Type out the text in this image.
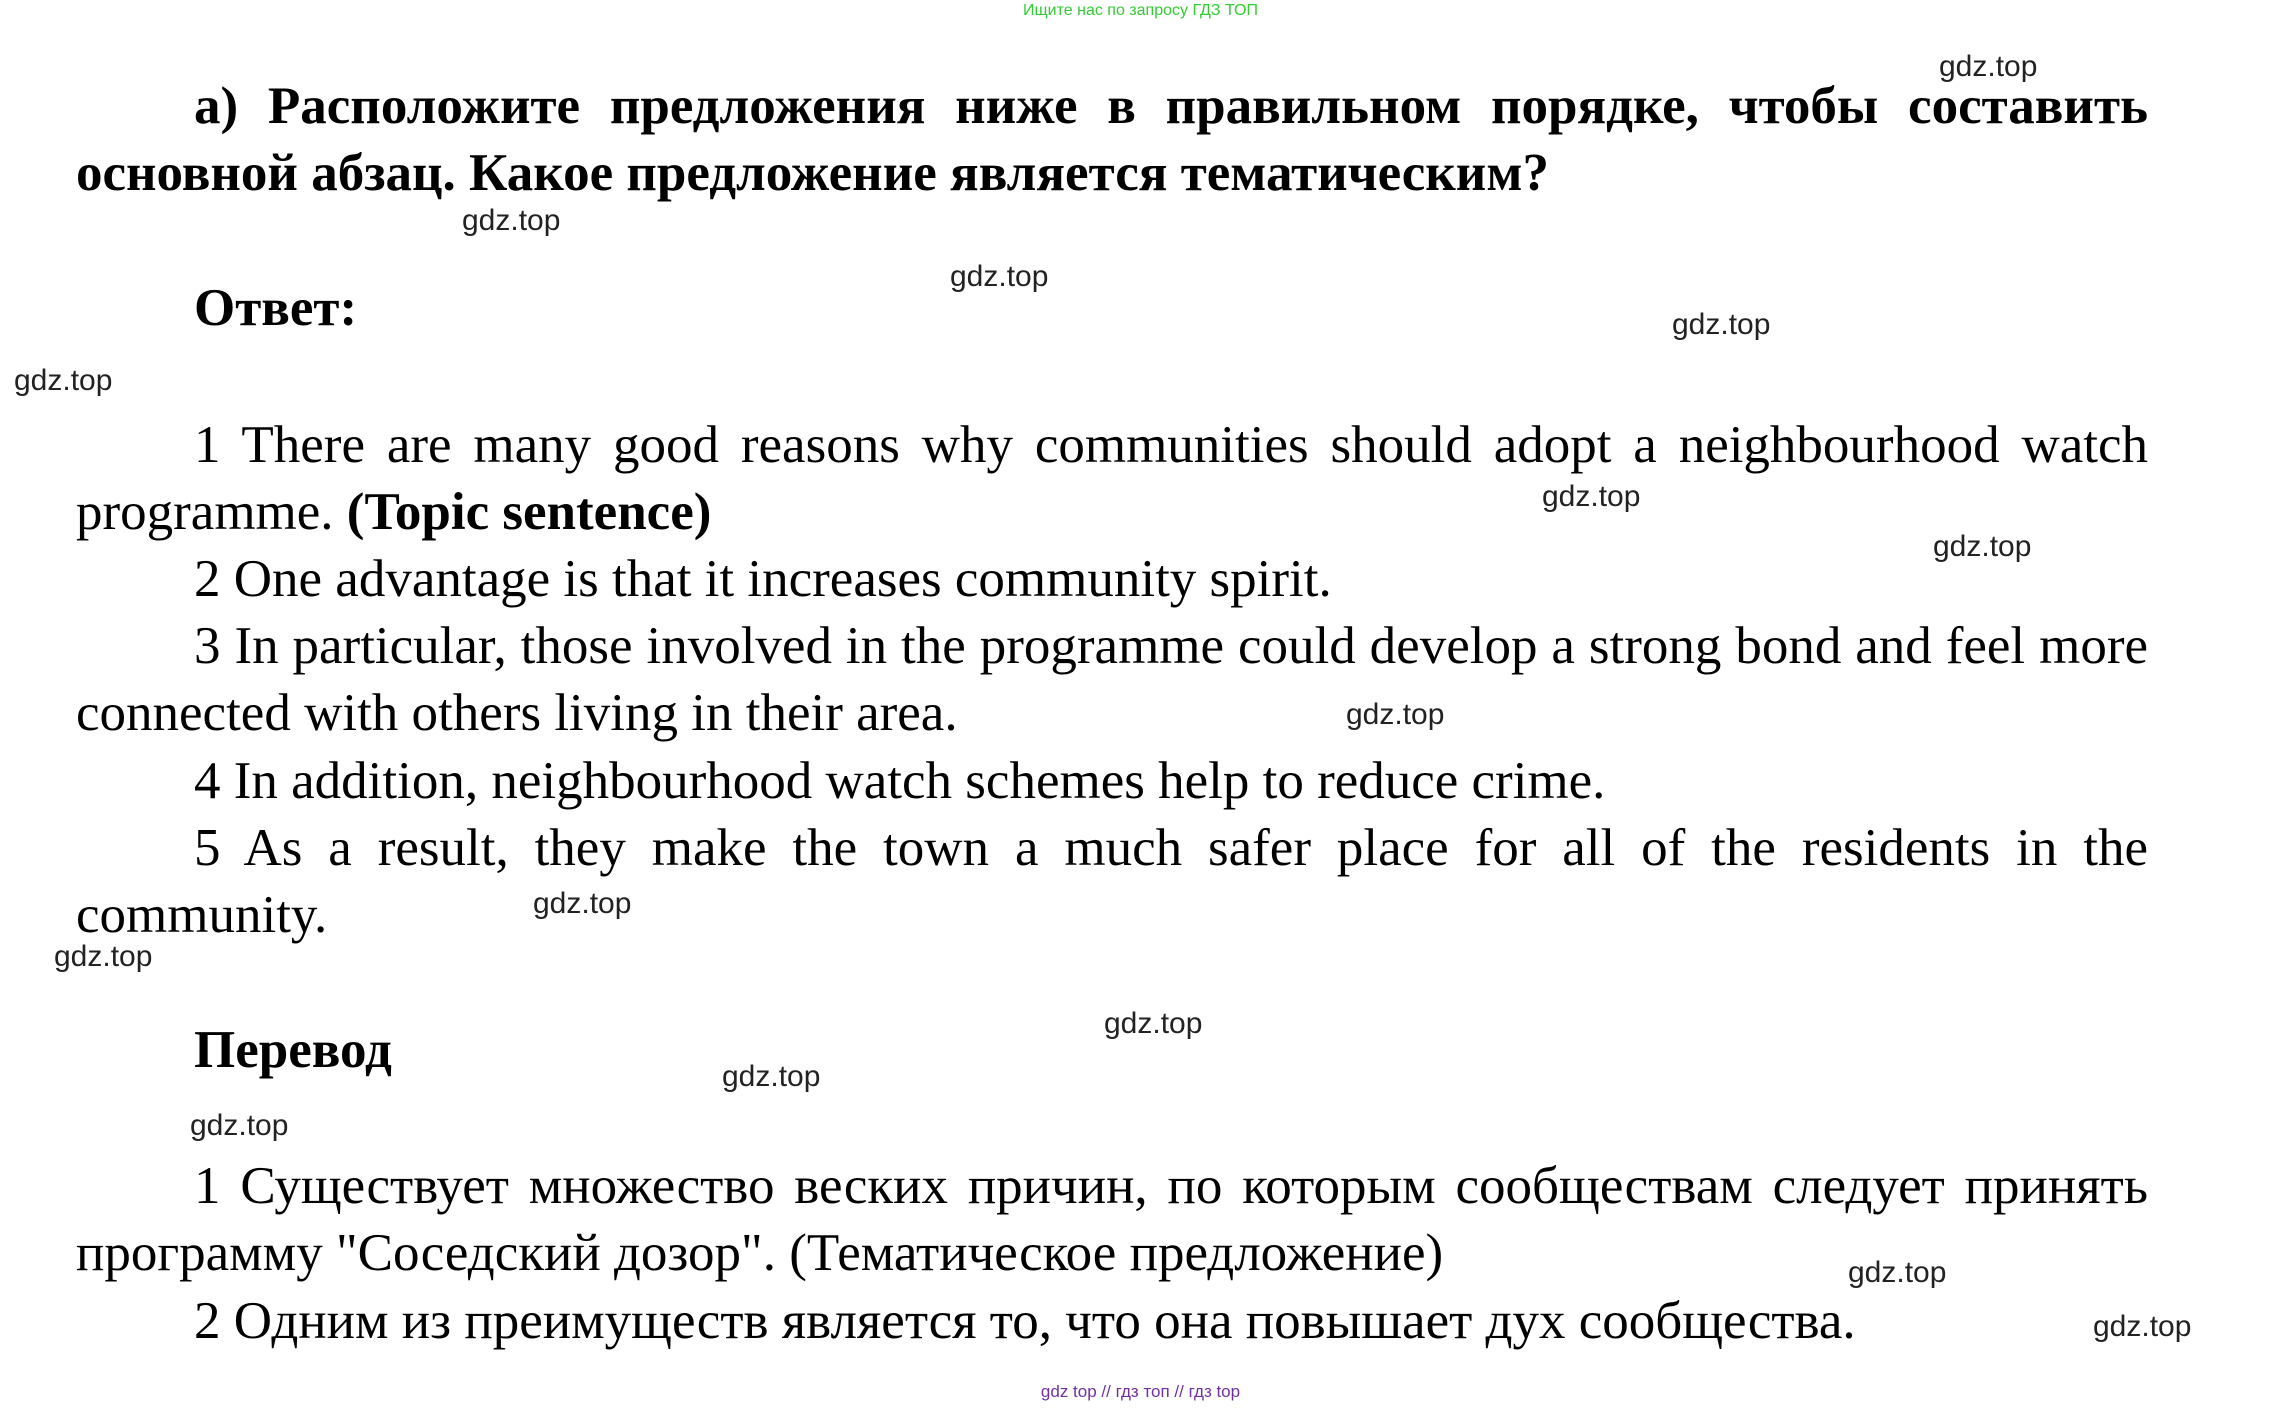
Ищите нас по запросу ГДЗ ТОП
а) Расположите предложения ниже в правильном порядке, чтобы составить основной абзац. Какое предложение является тематическим?
Ответ:
1 There are many good reasons why communities should adopt a neighbourhood watch programme. (Topic sentence)
2 One advantage is that it increases community spirit.
3 In particular, those involved in the programme could develop a strong bond and feel more connected with others living in their area.
4 In addition, neighbourhood watch schemes help to reduce crime.
5 As a result, they make the town a much safer place for all of the residents in the community.
Перевод
1 Существует множество веских причин, по которым сообществам следует принять программу "Соседский дозор". (Тематическое предложение)
2 Одним из преимуществ является то, что она повышает дух сообщества.
gdz.top
gdz.top
gdz.top
gdz.top
gdz.top
gdz.top
gdz.top
gdz.top
gdz.top
gdz.top
gdz.top
gdz.top
gdz.top
gdz.top
gdz.top
gdz top // гдз топ // гдз top
